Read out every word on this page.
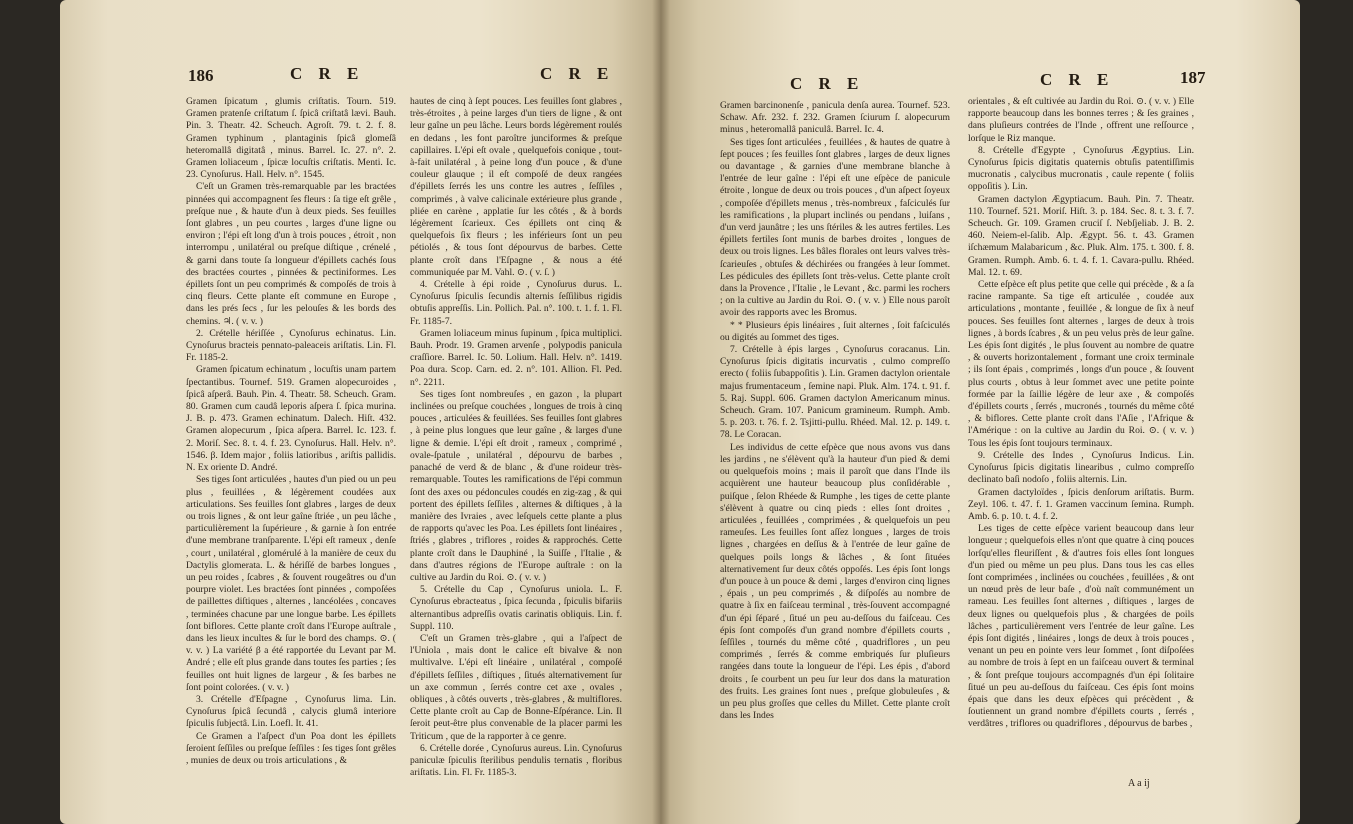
186	C R E	C R E

Gramen ſpicatum , glumis criſtatis. Tourn. 519. Gramen pratenſe criſtatum ſ. ſpicâ criſtatâ lævi. Bauh. Pin. 3. Theatr. 42. Scheuch. Agroſt. 79. t. 2. f. 8. Gramen typhinum , plantaginis ſpicâ glomeſâ heteromallâ digitatâ , minus. Barrel. Ic. 27. n°. 2. Gramen loliaceum , ſpicæ locuſtis criſtatis. Menti. Ic. 23. Cynoſurus. Hall. Helv. n°. 1545.

C'eſt un Gramen très-remarquable par les bractées pinnées qui accompagnent ſes fleurs : ſa tige eſt grêle , preſque nue , & haute d'un à deux pieds. Ses feuilles ſont glabres , un peu courtes , larges d'une ligne ou environ ; l'épi eſt long d'un à trois pouces , étroit , non interrompu , unilatéral ou preſque diſtique , crénelé , & garni dans toute ſa longueur d'épillets cachés ſous des bractées courtes , pinnées & pectiniformes. Les épillets ſont un peu comprimés & compoſés de trois à cinq fleurs. Cette plante eſt commune en Europe , dans les prés ſecs , ſur les pelouſes & les bords des chemins. ♃. ( v. v. )

2. Crételle hériſſée , Cynoſurus echinatus. Lin. Cynoſurus bracteis pennato-paleaceis ariſtatis. Lin. Fl. Fr. 1185-2.

Gramen ſpicatum echinatum , locuſtis unam partem ſpectantibus. Tournef. 519. Gramen alopecuroides , ſpicâ aſperâ. Bauh. Pin. 4. Theatr. 58. Scheuch. Gram. 80. Gramen cum caudâ leporis aſpera ſ. ſpica murina. J. B. p. 473. Gramen echinatum. Dalech. Hiſt. 432. Gramen alopecurum , ſpica aſpera. Barrel. Ic. 123. f. 2. Moriſ. Sec. 8. t. 4. f. 23. Cynoſurus. Hall. Helv. n°. 1546. β. Idem major , foliis latioribus , ariſtis pallidis. N. Ex oriente D. André.

Ses tiges ſont articulées , hautes d'un pied ou un peu plus , feuillées , & légèrement coudées aux articulations. Ses feuilles ſont glabres , larges de deux ou trois lignes , & ont leur gaîne ſtriée , un peu lâche , particulièrement la ſupérieure , & garnie à ſon entrée d'une membrane tranſparente. L'épi eſt rameux , denſe , court , unilatéral , glomérulé à la manière de ceux du Dactylis glomerata. L. & hériſſé de barbes longues , un peu roides , ſcabres , & ſouvent rougeâtres ou d'un pourpre violet. Les bractées ſont pinnées , compoſées de paillettes diſtiques , alternes , lancéolées , concaves , terminées chacune par une longue barbe. Les épillets ſont biflores. Cette plante croît dans l'Europe auſtrale , dans les lieux incultes & ſur le bord des champs. ⊙. ( v. v. ) La variété β a été rapportée du Levant par M. André ; elle eſt plus grande dans toutes ſes parties ; ſes feuilles ont huit lignes de largeur , & ſes barbes ne ſont point colorées. ( v. v. )

3. Crételle d'Eſpagne , Cynoſurus lima. Lin. Cynoſurus ſpicâ ſecundâ , calycis glumâ interiore ſpiculis ſubjectâ. Lin. Loefl. It. 41.

Ce Gramen a l'aſpect d'un Poa dont les épillets ſeroient ſeſſiles ou preſque ſeſſiles : ſes tiges ſont grêles , munies de deux ou trois articulations , &

hautes de cinq à ſept pouces. Les feuilles ſont glabres , très-étroites , à peine larges d'un tiers de ligne , & ont leur gaîne un peu lâche. Leurs bords légèrement roulés en dedans , les font paroître junciformes & preſque capillaires. L'épi eſt ovale , quelquefois conique , tout-à-fait unilatéral , à peine long d'un pouce , & d'une couleur glauque ; il eſt compoſé de deux rangées d'épillets ſerrés les uns contre les autres , ſeſſiles , comprimés , à valve calicinale extérieure plus grande , pliée en carène , applatie ſur les côtés , & à bords légèrement ſcarieux. Ces épillets ont cinq & quelquefois ſix fleurs ; les inférieurs ſont un peu pétiolés , & tous ſont dépourvus de barbes. Cette plante croît dans l'Eſpagne , & nous a été communiquée par M. Vahl. ⊙. ( v. ſ. )

4. Crételle à épi roide , Cynoſurus durus. L. Cynoſurus ſpiculis ſecundis alternis ſeſſilibus rigidis obtuſis appreſſis. Lin. Pollich. Pal. n°. 100. t. 1. f. 1. Fl. Fr. 1185-7.

Gramen loliaceum minus ſupinum , ſpica multiplici. Bauh. Prodr. 19. Gramen arvenſe , polypodis panicula craſſiore. Barrel. Ic. 50. Lolium. Hall. Helv. n°. 1419. Poa dura. Scop. Carn. ed. 2. n°. 101. Allion. Fl. Ped. n°. 2211.

Ses tiges ſont nombreuſes , en gazon , la plupart inclinées ou preſque couchées , longues de trois à cinq pouces , articulées & feuillées. Ses feuilles ſont glabres , à peine plus longues que leur gaîne , & larges d'une ligne & demie. L'épi eſt droit , rameux , comprimé , ovale-ſpatule , unilatéral , dépourvu de barbes , panaché de verd & de blanc , & d'une roideur très-remarquable. Toutes les ramifications de l'épi commun ſont des axes ou pédoncules coudés en zig-zag , & qui portent des épillets ſeſſiles , alternes & diſtiques , à la manière des Ivraies , avec leſquels cette plante a plus de rapports qu'avec les Poa. Les épillets ſont linéaires , ſtriés , glabres , triflores , roides & rapprochés. Cette plante croît dans le Dauphiné , la Suiſſe , l'Italie , & dans d'autres régions de l'Europe auſtrale : on la cultive au Jardin du Roi. ⊙. ( v. v. )

5. Crételle du Cap , Cynoſurus uniola. L. F. Cynoſurus ebracteatus , ſpica ſecunda , ſpiculis bifariis alternantibus adpreſſis ovatis carinatis obliquis. Lin. f. Suppl. 110.

C'eſt un Gramen très-glabre , qui a l'aſpect de l'Uniola , mais dont le calice eſt bivalve & non multivalve. L'épi eſt linéaire , unilatéral , compoſé d'épillets ſeſſiles , diſtiques , ſitués alternativement ſur un axe commun , ſerrés contre cet axe , ovales , obliques , à côtés ouverts , très-glabres , & multiflores. Cette plante croît au Cap de Bonne-Eſpérance. Lin. Il ſeroit peut-être plus convenable de la placer parmi les Triticum , que de la rapporter à ce genre.

6. Crételle dorée , Cynoſurus aureus. Lin. Cynoſurus paniculæ ſpiculis ſterilibus pendulis ternatis , floribus ariſtatis. Lin. Fl. Fr. 1185-3.

C R E	C R E	187

Gramen barcinonenſe , panicula denſa aurea. Tournef. 523. Schaw. Afr. 232. f. 232. Gramen ſciurum ſ. alopecurum minus , heteromallâ paniculâ. Barrel. Ic. 4.

Ses tiges ſont articulées , feuillées , & hautes de quatre à ſept pouces ; ſes feuilles ſont glabres , larges de deux lignes ou davantage , & garnies d'une membrane blanche à l'entrée de leur gaîne : l'épi eſt une eſpèce de panicule étroite , longue de deux ou trois pouces , d'un aſpect ſoyeux , compoſée d'épillets menus , très-nombreux , faſciculés ſur les ramifications , la plupart inclinés ou pendans , luiſans , d'un verd jaunâtre ; les uns ſtériles & les autres fertiles. Les épillets fertiles ſont munis de barbes droites , longues de deux ou trois lignes. Les bâles florales ont leurs valves très-ſcarieuſes , obtuſes & déchirées ou frangées à leur ſommet. Les pédicules des épillets ſont très-velus. Cette plante croît dans la Provence , l'Italie , le Levant , &c. parmi les rochers ; on la cultive au Jardin du Roi. ⊙. ( v. v. ) Elle nous paroît avoir des rapports avec les Bromus.

* * Plusieurs épis linéaires , ſuit alternes , ſoit faſciculés ou digités au ſommet des tiges.

7. Crételle à épis larges , Cynoſurus coracanus. Lin. Cynoſurus ſpicis digitatis incurvatis , culmo compreſſo erecto ( foliis ſubappoſitis ). Lin. Gramen dactylon orientale majus frumentaceum , ſemine napi. Pluk. Alm. 174. t. 91. f. 5. Raj. Suppl. 606. Gramen dactylon Americanum minus. Scheuch. Gram. 107. Panicum gramineum. Rumph. Amb. 5. p. 203. t. 76. f. 2. Tsjitti-pullu. Rhéed. Mal. 12. p. 149. t. 78. Le Coracan.

Les individus de cette eſpèce que nous avons vus dans les jardins , ne s'élèvent qu'à la hauteur d'un pied & demi ou quelquefois moins ; mais il paroît que dans l'Inde ils acquièrent une hauteur beaucoup plus conſidérable , puiſque , ſelon Rhéede & Rumphe , les tiges de cette plante s'élèvent à quatre ou cinq pieds : elles ſont droites , articulées , feuillées , comprimées , & quelquefois un peu rameuſes. Les feuilles ſont aſſez longues , larges de trois lignes , chargées en deſſus & à l'entrée de leur gaîne de quelques poils longs & lâches , & ſont ſituées alternativement ſur deux côtés oppoſés. Les épis ſont longs d'un pouce à un pouce & demi , larges d'environ cinq lignes , épais , un peu comprimés , & diſpoſés au nombre de quatre à ſix en faiſceau terminal , très-ſouvent accompagné d'un épi ſéparé , ſitué un peu au-deſſous du faiſceau. Ces épis ſont compoſés d'un grand nombre d'épillets courts , ſeſſiles , tournés du même côté , quadriflores , un peu comprimés , ſerrés & comme embriqués ſur pluſieurs rangées dans toute la longueur de l'épi. Les épis , d'abord droits , ſe courbent un peu ſur leur dos dans la maturation des fruits. Les graines ſont nues , preſque globuleuſes , & un peu plus groſſes que celles du Millet. Cette plante croît dans les Indes

orientales , & eſt cultivée au Jardin du Roi. ⊙. ( v. v. ) Elle rapporte beaucoup dans les bonnes terres ; & ſes graines , dans pluſieurs contrées de l'Inde , offrent une reſſource , lorſque le Riz manque.

8. Crételle d'Egypte , Cynoſurus Ægyptius. Lin. Cynoſurus ſpicis digitatis quaternis obtuſis patentiſſimis mucronatis , calycibus mucronatis , caule repente ( foliis oppoſitis ). Lin.

Gramen dactylon Ægyptiacum. Bauh. Pin. 7. Theatr. 110. Tournef. 521. Moriſ. Hiſt. 3. p. 184. Sec. 8. t. 3. f. 7. Scheuch. Gr. 109. Gramen cruciſ ſ. Nebſjeliab. J. B. 2. 460. Neiem-el-ſalib. Alp. Ægypt. 56. t. 43. Gramen iſchæmum Malabaricum , &c. Pluk. Alm. 175. t. 300. f. 8. Gramen. Rumph. Amb. 6. t. 4. f. 1. Cavara-pullu. Rhéed. Mal. 12. t. 69.

Cette eſpèce eſt plus petite que celle qui précède , & a ſa racine rampante. Sa tige eſt articulée , coudée aux articulations , montante , feuillée , & longue de ſix à neuf pouces. Ses feuilles ſont alternes , larges de deux à trois lignes , à bords ſcabres , & un peu velus près de leur gaîne. Les épis ſont digités , le plus ſouvent au nombre de quatre , & ouverts horizontalement , formant une croix terminale ; ils ſont épais , comprimés , longs d'un pouce , & ſouvent plus courts , obtus à leur ſommet avec une petite pointe formée par la ſaillie légère de leur axe , & compoſés d'épillets courts , ſerrés , mucronés , tournés du même côté , & biflores. Cette plante croît dans l'Aſie , l'Afrique & l'Amérique : on la cultive au Jardin du Roi. ⊙. ( v. v. ) Tous les épis ſont toujours terminaux.

9. Crételle des Indes , Cynoſurus Indicus. Lin. Cynoſurus ſpicis digitatis linearibus , culmo compreſſo declinato baſi nodoſo , foliis alternis. Lin.

Gramen dactyloïdes , ſpicis denſorum ariſtatis. Burm. Zeyl. 106. t. 47. f. 1. Gramen vaccinum ſemina. Rumph. Amb. 6. p. 10. t. 4. f. 2.

Les tiges de cette eſpèce varient beaucoup dans leur longueur ; quelquefois elles n'ont que quatre à cinq pouces lorſqu'elles fleuriſſent , & d'autres fois elles ſont longues d'un pied ou même un peu plus. Dans tous les cas elles ſont comprimées , inclinées ou couchées , feuillées , & ont un nœud près de leur baſe , d'où naît communément un rameau. Les feuilles ſont alternes , diſtiques , larges de deux lignes ou quelquefois plus , & chargées de poils lâches , particulièrement vers l'entrée de leur gaîne. Les épis ſont digités , linéaires , longs de deux à trois pouces , venant un peu en pointe vers leur ſommet , ſont diſpoſées au nombre de trois à ſept en un faiſceau ouvert & terminal , & ſont preſque toujours accompagnés d'un épi ſolitaire ſitué un peu au-deſſous du faiſceau. Ces épis ſont moins épais que dans les deux eſpèces qui précèdent , & ſoutiennent un grand nombre d'épillets courts , ſerrés , verdâtres , triflores ou quadriflores , dépourvus de barbes ,

A a ij
